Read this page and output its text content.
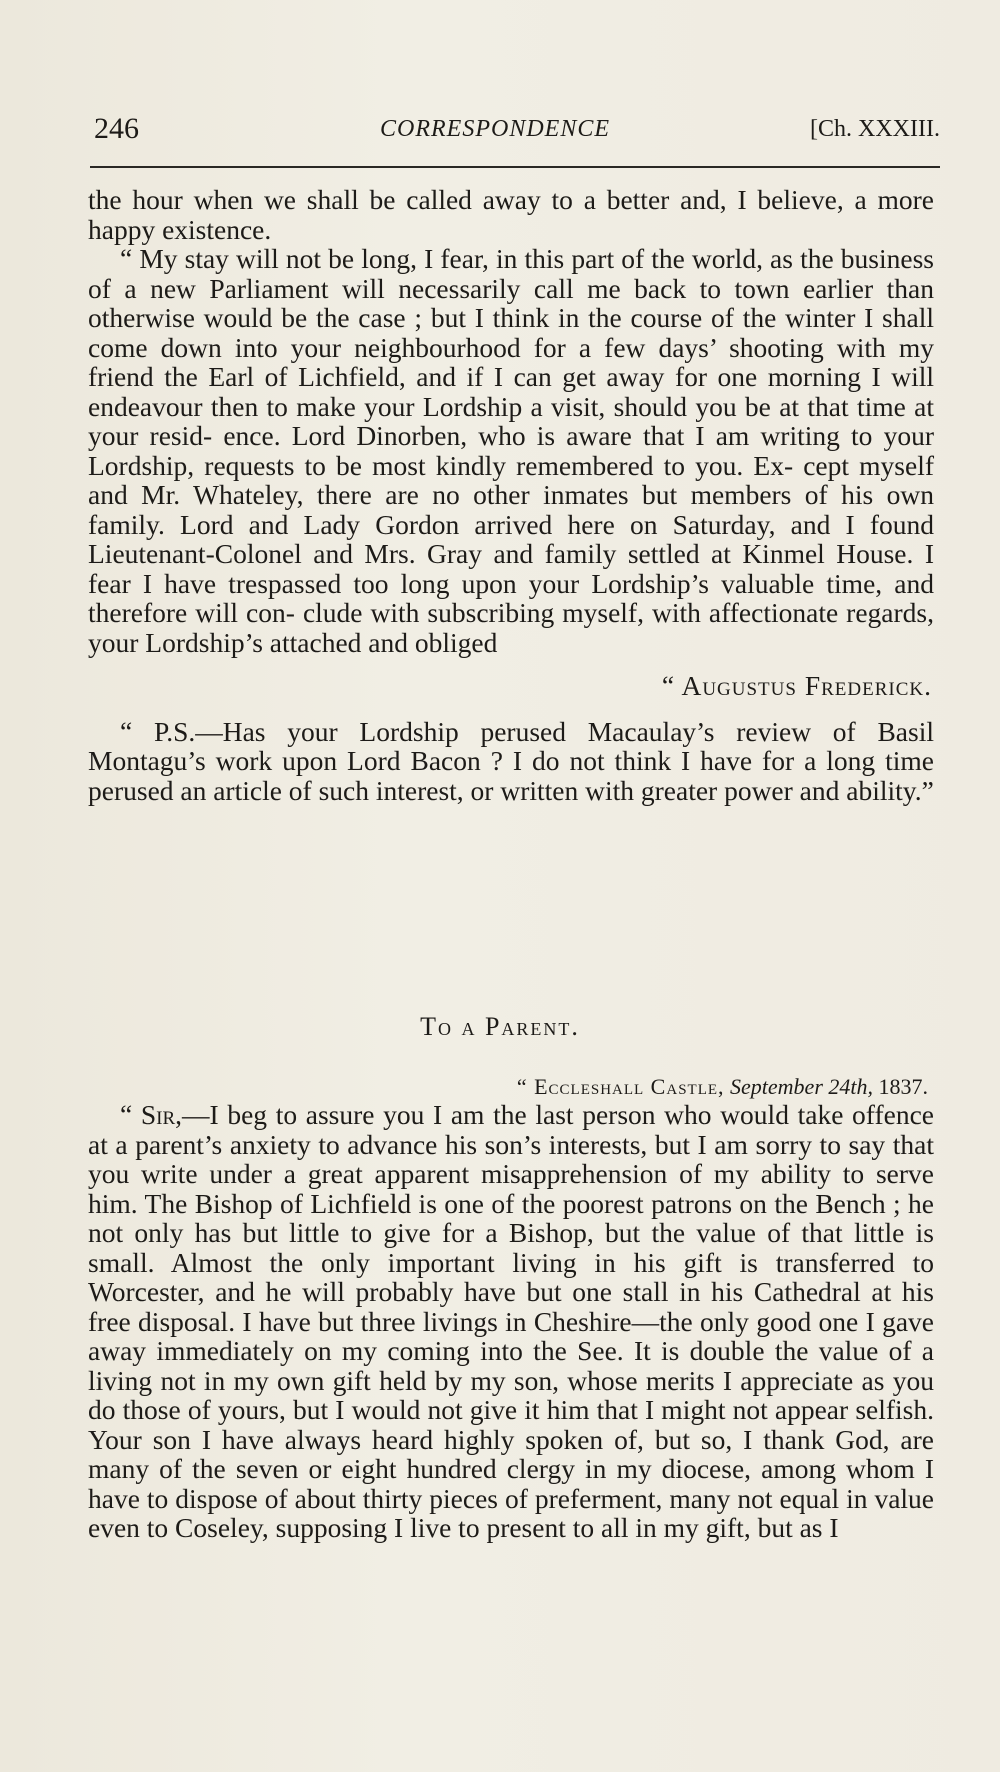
246	CORRESPONDENCE	[Ch. XXXIII.

the hour when we shall be called away to a better and, I believe, a more happy existence.

“ My stay will not be long, I fear, in this part of the world, as the business of a new Parliament will necessarily call me back to town earlier than otherwise would be the case ; but I think in the course of the winter I shall come down into your neighbourhood for a few days’ shooting with my friend the Earl of Lichfield, and if I can get away for one morning I will endeavour then to make your Lordship a visit, should you be at that time at your resid- ence. Lord Dinorben, who is aware that I am writing to your Lordship, requests to be most kindly remembered to you. Ex- cept myself and Mr. Whateley, there are no other inmates but members of his own family. Lord and Lady Gordon arrived here on Saturday, and I found Lieutenant-Colonel and Mrs. Gray and family settled at Kinmel House. I fear I have trespassed too long upon your Lordship’s valuable time, and therefore will con- clude with subscribing myself, with affectionate regards, your Lordship’s attached and obliged

“ Augustus Frederick.

“ P.S.—Has your Lordship perused Macaulay’s review of Basil Montagu’s work upon Lord Bacon ? I do not think I have for a long time perused an article of such interest, or written with greater power and ability.”

To a Parent.
“ Eccleshall Castle, September 24th, 1837.

“ Sir,—I beg to assure you I am the last person who would take offence at a parent’s anxiety to advance his son’s interests, but I am sorry to say that you write under a great apparent misapprehension of my ability to serve him. The Bishop of Lichfield is one of the poorest patrons on the Bench ; he not only has but little to give for a Bishop, but the value of that little is small. Almost the only important living in his gift is transferred to Worcester, and he will probably have but one stall in his Cathedral at his free disposal. I have but three livings in Cheshire—the only good one I gave away immediately on my coming into the See. It is double the value of a living not in my own gift held by my son, whose merits I appreciate as you do those of yours, but I would not give it him that I might not appear selfish. Your son I have always heard highly spoken of, but so, I thank God, are many of the seven or eight hundred clergy in my diocese, among whom I have to dispose of about thirty pieces of preferment, many not equal in value even to Coseley, supposing I live to present to all in my gift, but as I
